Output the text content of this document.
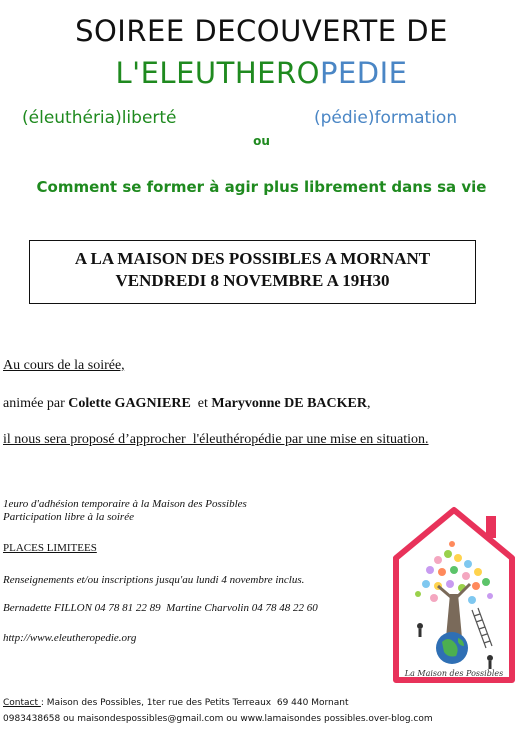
SOIREE DECOUVERTE DE
L'ELEUTHEROPEDIE
(éleuthéria)liberté	(pédie)formation
ou
Comment se former à agir plus librement dans sa vie
A LA MAISON DES POSSIBLES A MORNANT
VENDREDI 8 NOVEMBRE A 19H30
Au cours de la soirée,
animée par Colette GAGNIERE  et Maryvonne DE BACKER,
il nous sera proposé d’approcher  l'éleuthéropédie par une mise en situation.
1euro d'adhésion temporaire à la Maison des Possibles
Participation libre à la soirée
PLACES LIMITEES
Renseignements et/ou inscriptions jusqu'au lundi 4 novembre inclus.
Bernadette FILLON 04 78 81 22 89  Martine Charvolin 04 78 48 22 60
http://www.eleutheropedie.org
La Maison des Possibles
Contact : Maison des Possibles, 1ter rue des Petits Terreaux  69 440 Mornant
0983438658 ou maisondespossibles@gmail.com ou www.lamaisondes possibles.over-blog.com
